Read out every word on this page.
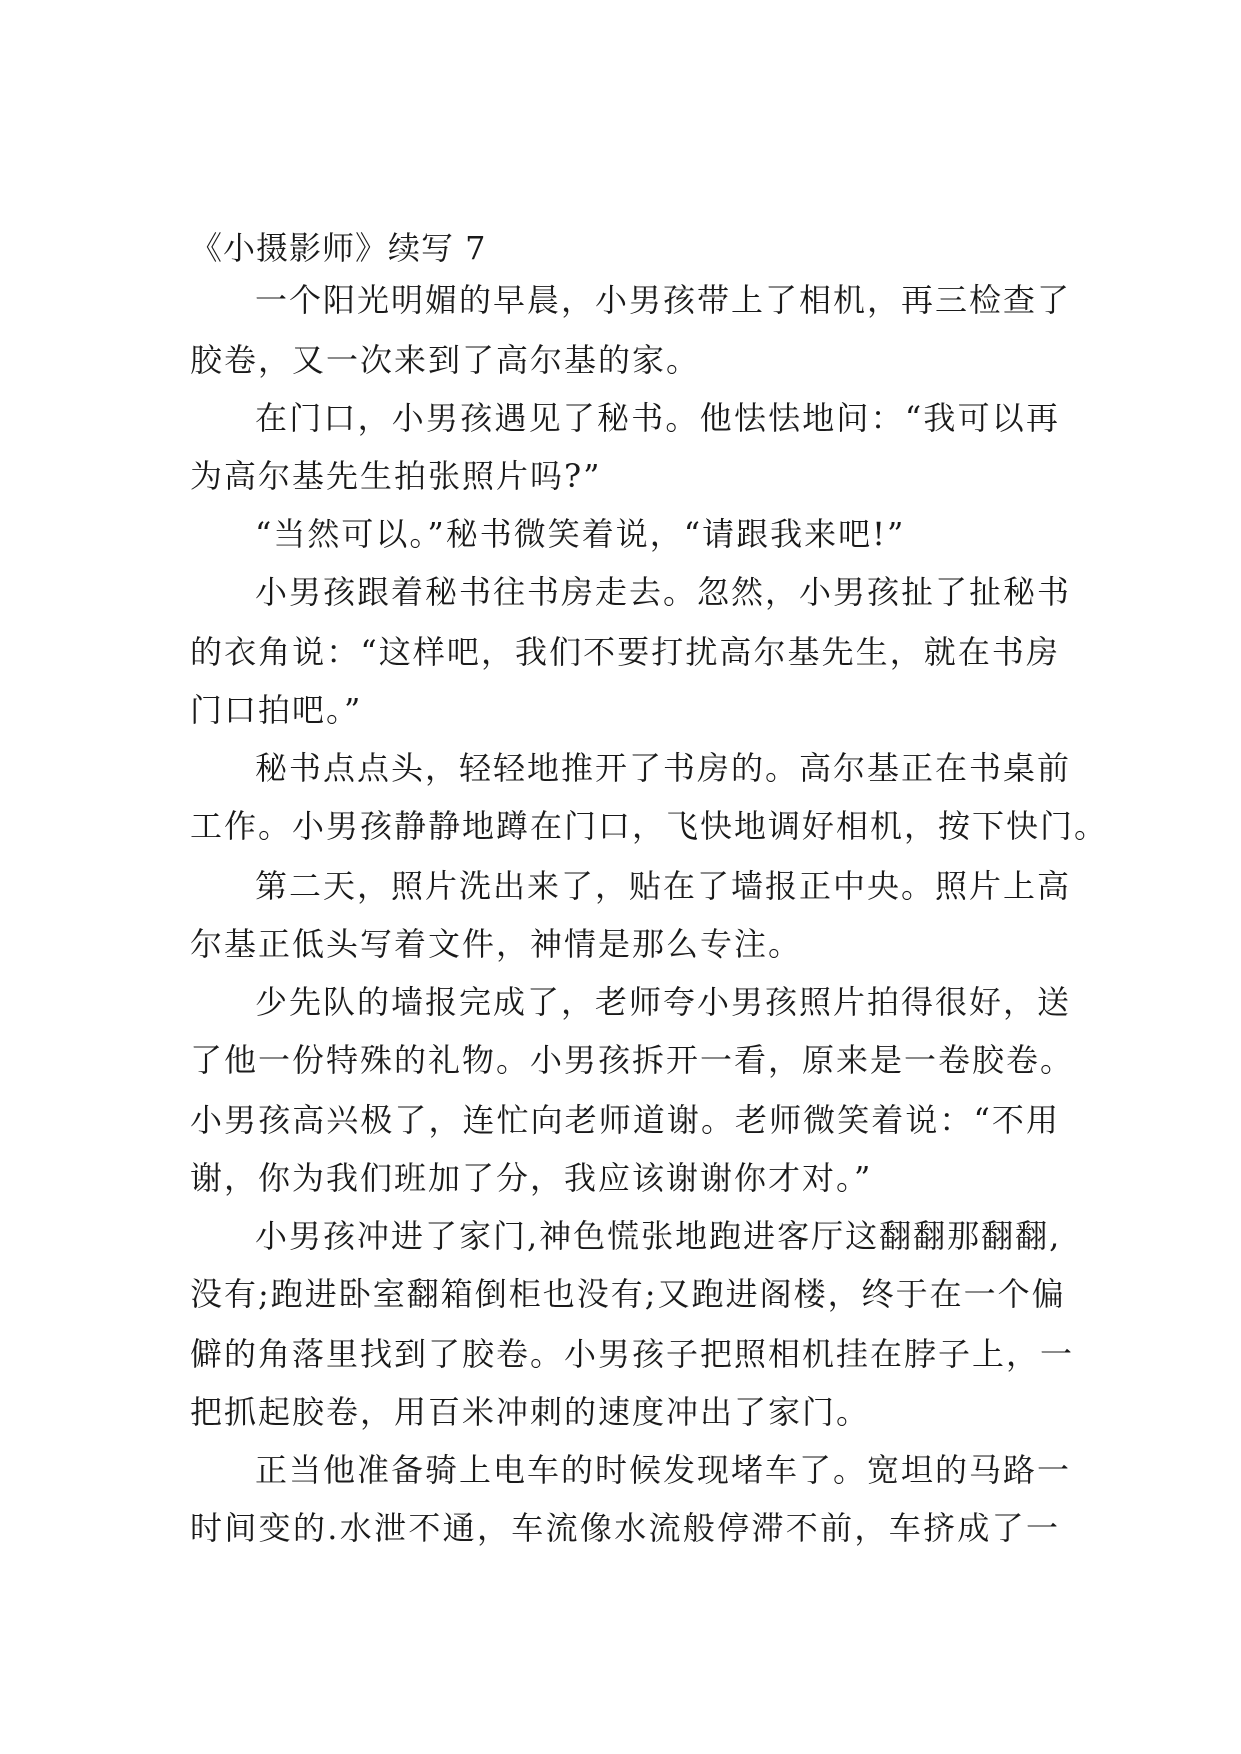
《小摄影师》续写 7
一个阳光明媚的早晨，小男孩带上了相机，再三检查了
胶卷，又一次来到了高尔基的家。
在门口，小男孩遇见了秘书。他怯怯地问：“我可以再
为高尔基先生拍张照片吗?”
“当然可以。”秘书微笑着说，“请跟我来吧!”
小男孩跟着秘书往书房走去。忽然，小男孩扯了扯秘书
的衣角说：“这样吧，我们不要打扰高尔基先生，就在书房
门口拍吧。”
秘书点点头，轻轻地推开了书房的。高尔基正在书桌前
工作。小男孩静静地蹲在门口，飞快地调好相机，按下快门。
第二天，照片洗出来了，贴在了墙报正中央。照片上高
尔基正低头写着文件，神情是那么专注。
少先队的墙报完成了，老师夸小男孩照片拍得很好，送
了他一份特殊的礼物。小男孩拆开一看，原来是一卷胶卷。
小男孩高兴极了，连忙向老师道谢。老师微笑着说：“不用
谢，你为我们班加了分，我应该谢谢你才对。”
小男孩冲进了家门,神色慌张地跑进客厅这翻翻那翻翻,
没有;跑进卧室翻箱倒柜也没有;又跑进阁楼，终于在一个偏
僻的角落里找到了胶卷。小男孩子把照相机挂在脖子上，一
把抓起胶卷，用百米冲刺的速度冲出了家门。
正当他准备骑上电车的时候发现堵车了。宽坦的马路一
时间变的.水泄不通，车流像水流般停滞不前，车挤成了一
